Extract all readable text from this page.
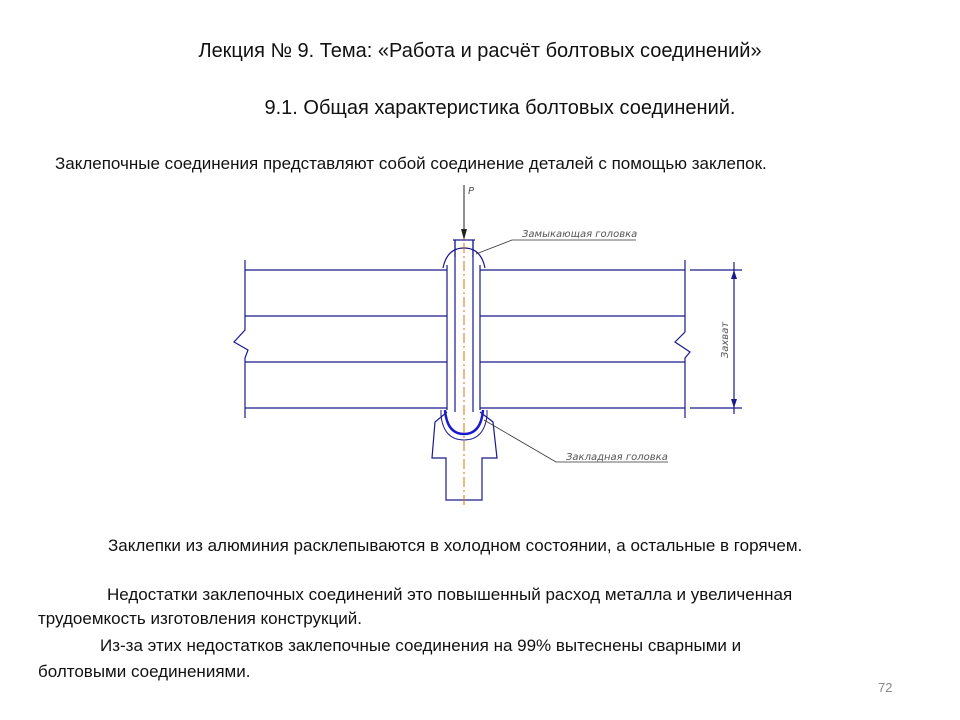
Лекция № 9. Тема: «Работа и расчёт болтовых соединений»
9.1. Общая характеристика болтовых соединений.
Заклепочные соединения представляют собой соединение деталей с помощью заклепок.
P
Замыкающая головка
Закладная головка
Захват
Заклепки из алюминия расклепываются в холодном состоянии, а остальные в горячем.
Недостатки заклепочных соединений это повышенный расход металла и увеличенная
трудоемкость изготовления конструкций.
Из-за этих недостатков заклепочные соединения на 99% вытеснены сварными и
болтовыми соединениями.
72
